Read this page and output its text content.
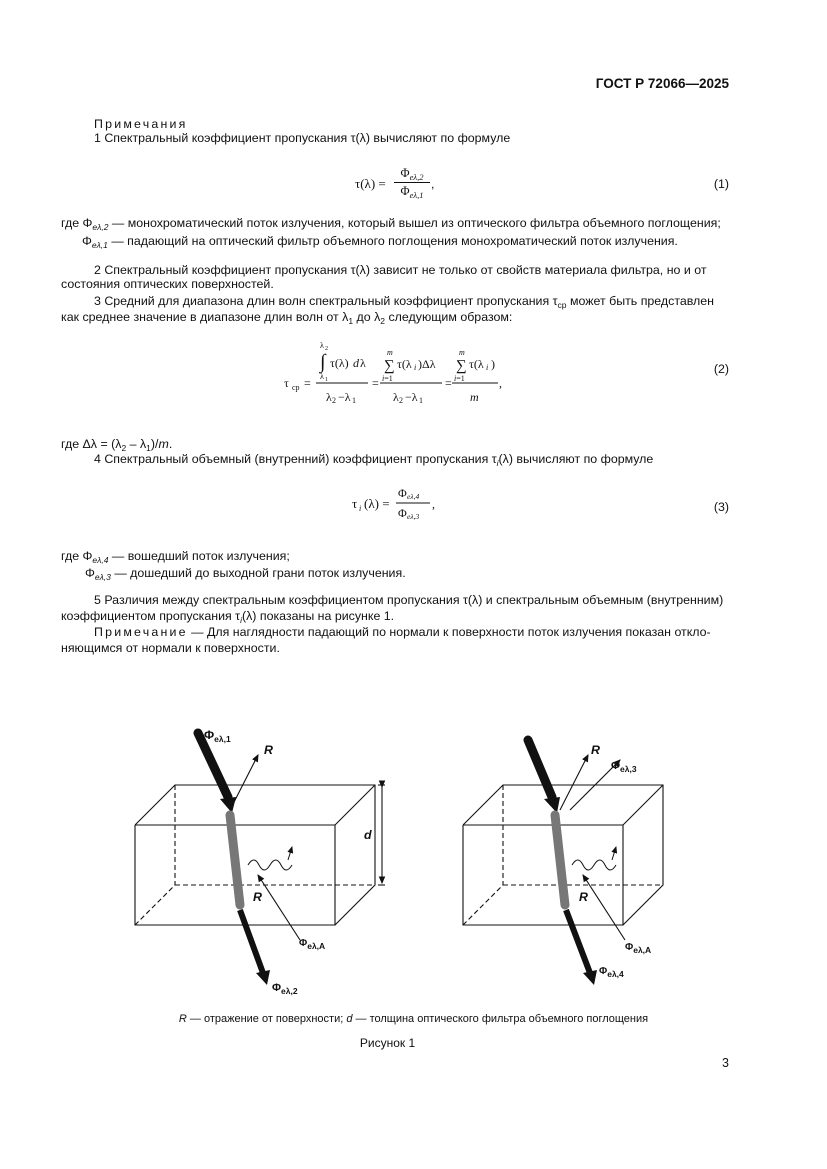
ГОСТ Р 72066—2025
Примечания
1 Спектральный коэффициент пропускания τ(λ) вычисляют по формуле
τ(λ) =
$\Phi_{e\lambda,2}$
$\Phi_{e\lambda,1}$
,	(1)
где $\Phi_{e\lambda,2}$ — монохроматический поток излучения, который вышел из оптического фильтра объемного поглощения;
$\Phi_{e\lambda,1}$ — падающий на оптический фильтр объемного поглощения монохроматический поток излучения.
2 Спектральный коэффициент пропускания τ(λ) зависит не только от свойств материала фильтра, но и от
состояния оптических поверхностей.
3 Средний для диапазона длин волн спектральный коэффициент пропускания $\tau_{ср}$ может быть представлен
как среднее значение в диапазоне длин волн от $\lambda_1$ до $\lambda_2$ следующим образом:
τ ср =
λ 2
∫ τ(λ) d λ
λ 1
λ 2 −λ 1
=
m
∑ τ(λ i )Δλ
i=1
λ 2 −λ 1
=
m
∑ τ(λ i )
i=1
m
,
(2)
где $\Delta\lambda = (\lambda_2 - \lambda_1)/m$.
4 Спектральный объемный (внутренний) коэффициент пропускания $\tau_i(\lambda)$ вычисляют по формуле
τ i (λ) =
Φ eλ,4
Φ eλ,3
,	(3)
где $\Phi_{e\lambda,4}$ — вошедший поток излучения;
$\Phi_{e\lambda,3}$ — дошедший до выходной грани поток излучения.
5 Различия между спектральным коэффициентом пропускания τ(λ) и спектральным объемным (внутренним)
коэффициентом пропускания $\tau_i(\lambda)$ показаны на рисунке 1.
Примечание — Для наглядности падающий по нормали к поверхности поток излучения показан откло-
няющимся от нормали к поверхности.
$\Phi_{e\lambda,1}$
R
d
R
$\Phi_{e\lambda,A}$
$\Phi_{e\lambda,2}$
R
$\Phi_{e\lambda,3}$
R
$\Phi_{e\lambda,A}$
$\Phi_{e\lambda,4}$
R — отражение от поверхности; d — толщина оптического фильтра объемного поглощения
Рисунок 1
3
